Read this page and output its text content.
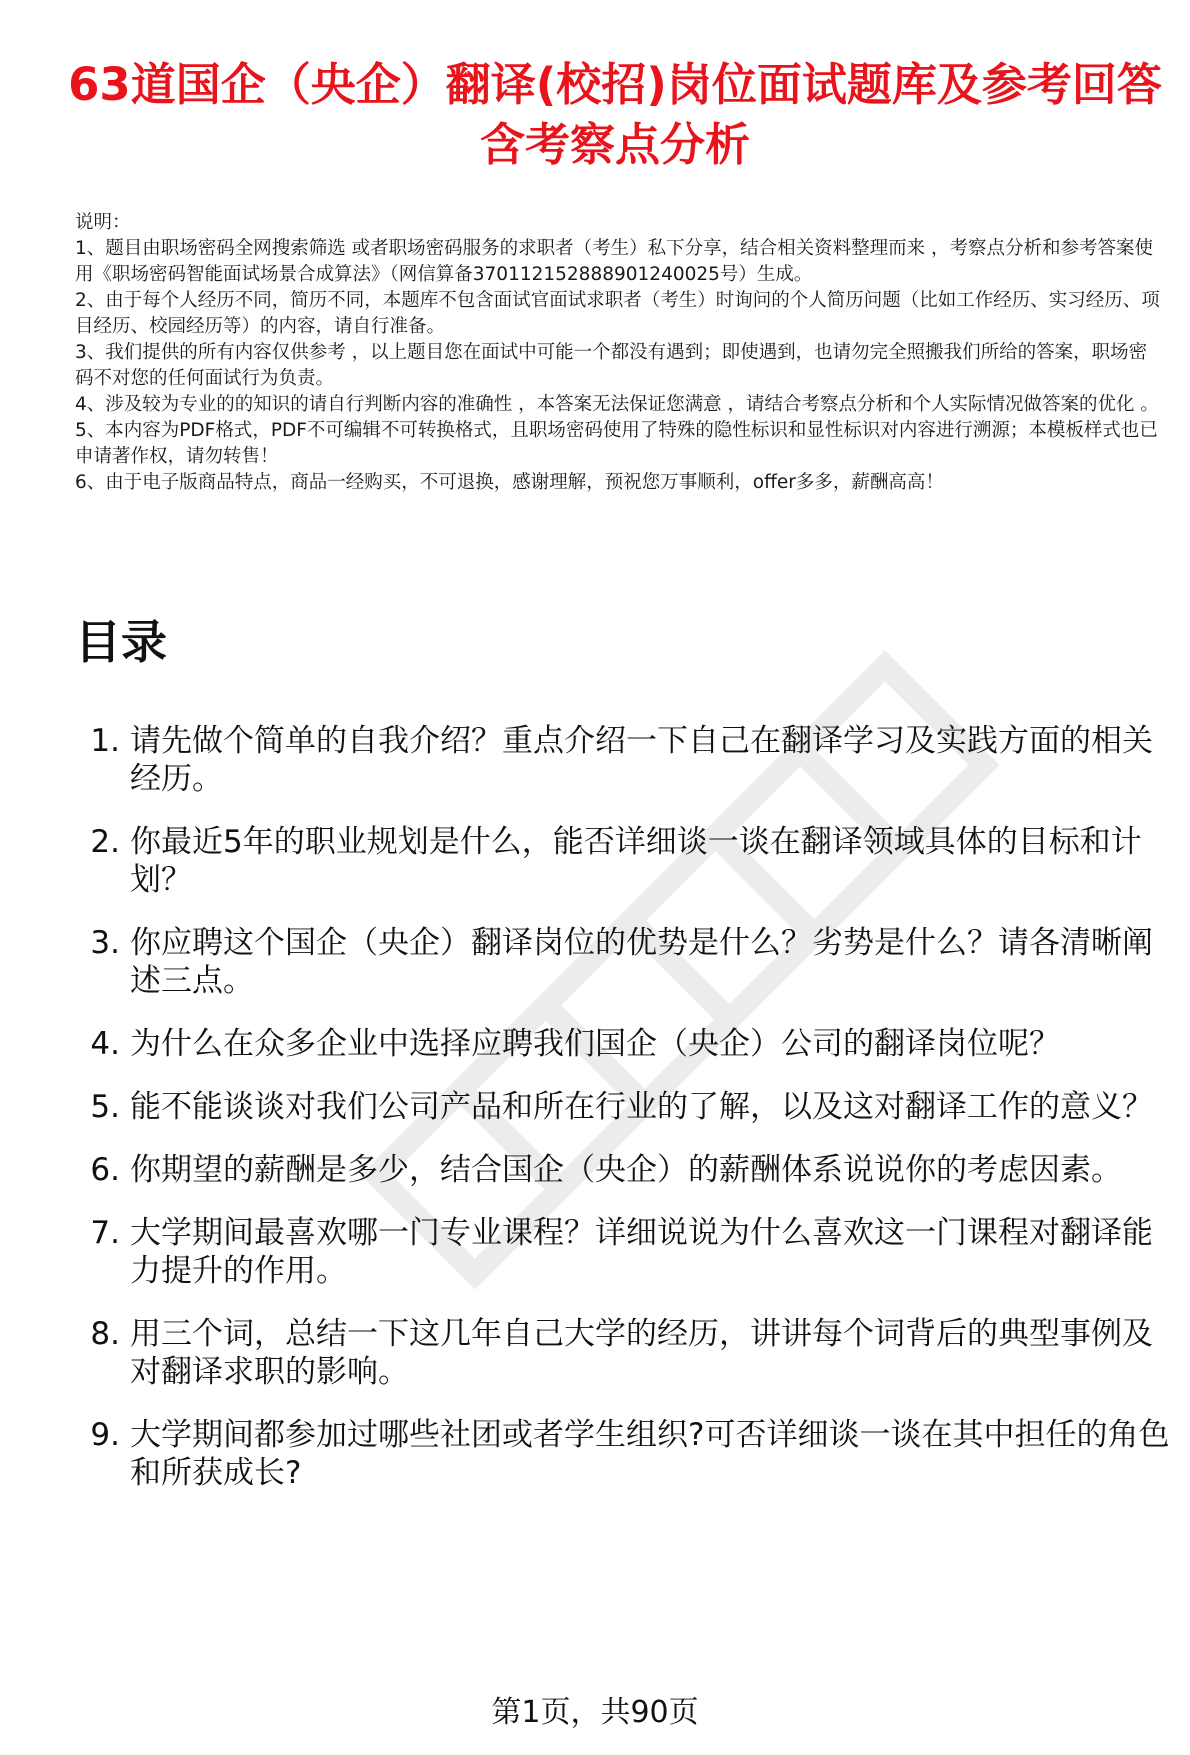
63道国企（央企）翻译(校招)岗位面试题库及参考回答含考察点分析

说明：

1、题目由职场密码全网搜索筛选 或者职场密码服务的求职者（考生）私下分享，结合相关资料整理而来 ，考察点分析和参考答案使用《职场密码智能面试场景合成算法》（网信算备370112152888901240025号）生成。

2、由于每个人经历不同，简历不同，本题库不包含面试官面试求职者（考生）时询问的个人简历问题（比如工作经历、实习经历、项目经历、校园经历等）的内容，请自行准备。

3、我们提供的所有内容仅供参考 ，以上题目您在面试中可能一个都没有遇到；即使遇到，也请勿完全照搬我们所给的答案，职场密码不对您的任何面试行为负责。

4、涉及较为专业的的知识的请自行判断内容的准确性 ，本答案无法保证您满意 ，请结合考察点分析和个人实际情况做答案的优化 。

5、本内容为PDF格式，PDF不可编辑不可转换格式，且职场密码使用了特殊的隐性标识和显性标识对内容进行溯源；本模板样式也已申请著作权，请勿转售！

6、由于电子版商品特点，商品一经购买，不可退换，感谢理解，预祝您万事顺利，offer多多，薪酬高高！

目录
1. 请先做个简单的自我介绍？重点介绍一下自己在翻译学习及实践方面的相关经历。
2. 你最近5年的职业规划是什么，能否详细谈一谈在翻译领域具体的目标和计划？
3. 你应聘这个国企（央企）翻译岗位的优势是什么？劣势是什么？请各清晰阐述三点。
4. 为什么在众多企业中选择应聘我们国企（央企）公司的翻译岗位呢？
5. 能不能谈谈对我们公司产品和所在行业的了解，以及这对翻译工作的意义？
6. 你期望的薪酬是多少，结合国企（央企）的薪酬体系说说你的考虑因素。
7. 大学期间最喜欢哪一门专业课程？详细说说为什么喜欢这一门课程对翻译能力提升的作用。
8. 用三个词，总结一下这几年自己大学的经历，讲讲每个词背后的典型事例及对翻译求职的影响。
9. 大学期间都参加过哪些社团或者学生组织?可否详细谈一谈在其中担任的角色和所获成长?
第1页，共90页
